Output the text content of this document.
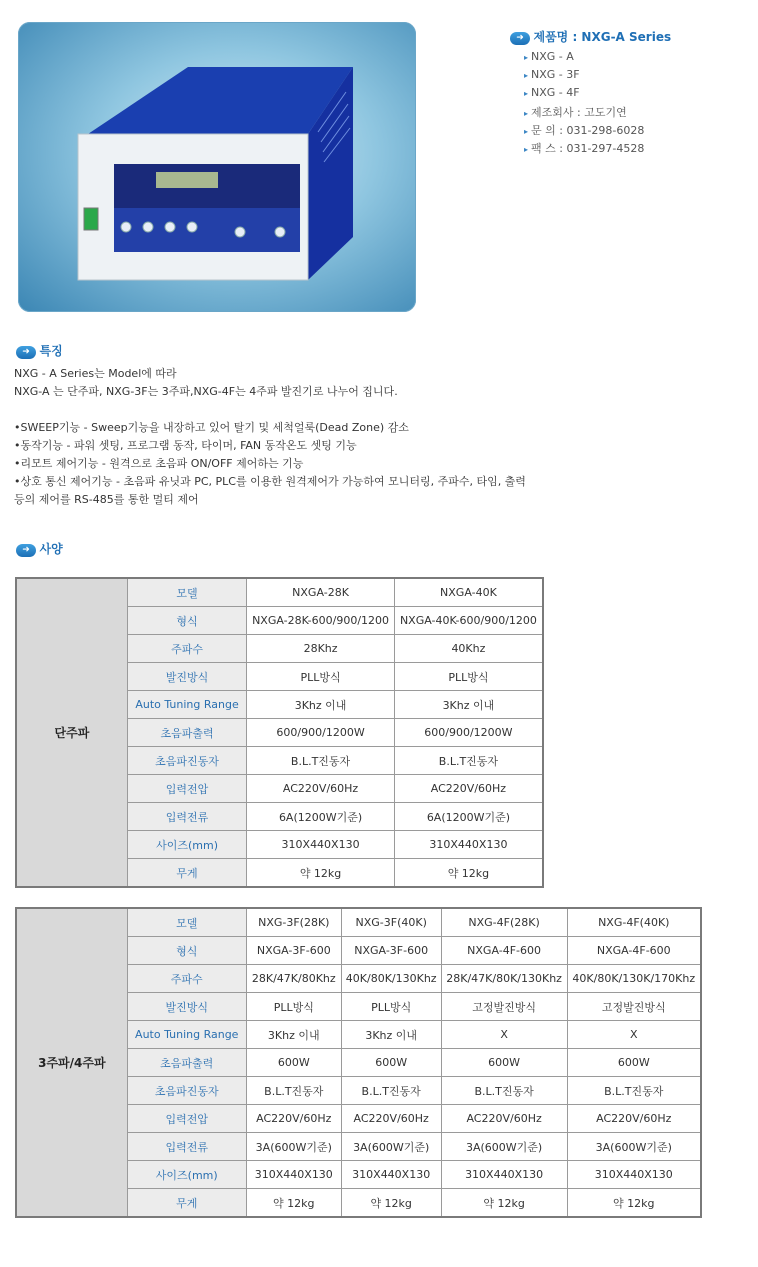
➜ 제품명 : NXG-A Series
▸ NXG - A
▸ NXG - 3F
▸ NXG - 4F
▸ 제조회사 : 고도기연
▸ 문 의 : 031-298-6028
▸ 팩 스 : 031-297-4528
➜ 특징
NXG - A Series는 Model에 따라
NXG-A 는 단주파, NXG-3F는 3주파,NXG-4F는 4주파 발진기로 나누어 집니다.
•SWEEP기능 - Sweep기능을 내장하고 있어 탈기 및 세척얼룩(Dead Zone) 감소
•동작기능 - 파워 셋팅, 프로그램 동작, 타이머, FAN 동작온도 셋팅 기능
•리모트 제어기능 - 원격으로 초음파 ON/OFF 제어하는 기능
•상호 통신 제어기능 - 초음파 유닛과 PC, PLC를 이용한 원격제어가 가능하여 모니터링, 주파수, 타임, 출력
등의 제어를 RS-485를 통한 멀티 제어
➜ 사양
단주파	모델	NXGA-28K	NXGA-40K
	형식	NXGA-28K-600/900/1200	NXGA-40K-600/900/1200
	주파수	28Khz	40Khz
	발진방식	PLL방식	PLL방식
	Auto Tuning Range	3Khz 이내	3Khz 이내
	초음파출력	600/900/1200W	600/900/1200W
	초음파진동자	B.L.T진동자	B.L.T진동자
	입력전압	AC220V/60Hz	AC220V/60Hz
	입력전류	6A(1200W기준)	6A(1200W기준)
	사이즈(mm)	310X440X130	310X440X130
	무게	약 12kg	약 12kg
3주파/4주파	모델	NXG-3F(28K)	NXG-3F(40K)	NXG-4F(28K)	NXG-4F(40K)
	형식	NXGA-3F-600	NXGA-3F-600	NXGA-4F-600	NXGA-4F-600
	주파수	28K/47K/80Khz	40K/80K/130Khz	28K/47K/80K/130Khz	40K/80K/130K/170Khz
	발진방식	PLL방식	PLL방식	고정발진방식	고정발진방식
	Auto Tuning Range	3Khz 이내	3Khz 이내	X	X
	초음파출력	600W	600W	600W	600W
	초음파진동자	B.L.T진동자	B.L.T진동자	B.L.T진동자	B.L.T진동자
	입력전압	AC220V/60Hz	AC220V/60Hz	AC220V/60Hz	AC220V/60Hz
	입력전류	3A(600W기준)	3A(600W기준)	3A(600W기준)	3A(600W기준)
	사이즈(mm)	310X440X130	310X440X130	310X440X130	310X440X130
	무게	약 12kg	약 12kg	약 12kg	약 12kg
